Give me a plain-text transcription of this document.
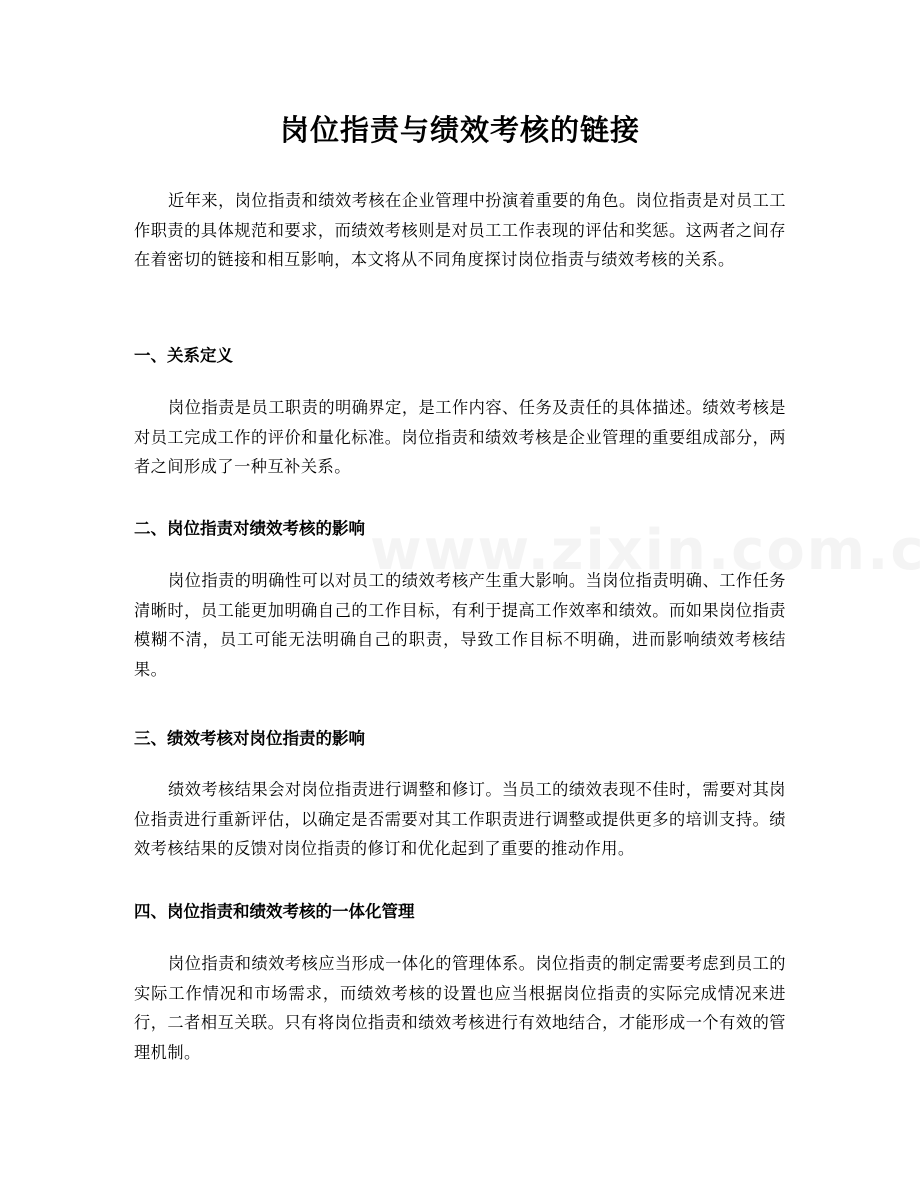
岗位指责与绩效考核的链接

近年来，岗位指责和绩效考核在企业管理中扮演着重要的角色。岗位指责是对员工工作职责的具体规范和要求，而绩效考核则是对员工工作表现的评估和奖惩。这两者之间存在着密切的链接和相互影响，本文将从不同角度探讨岗位指责与绩效考核的关系。

一、关系定义

岗位指责是员工职责的明确界定，是工作内容、任务及责任的具体描述。绩效考核是对员工完成工作的评价和量化标准。岗位指责和绩效考核是企业管理的重要组成部分，两者之间形成了一种互补关系。

二、岗位指责对绩效考核的影响

岗位指责的明确性可以对员工的绩效考核产生重大影响。当岗位指责明确、工作任务清晰时，员工能更加明确自己的工作目标，有利于提高工作效率和绩效。而如果岗位指责模糊不清，员工可能无法明确自己的职责，导致工作目标不明确，进而影响绩效考核结果。

三、绩效考核对岗位指责的影响

绩效考核结果会对岗位指责进行调整和修订。当员工的绩效表现不佳时，需要对其岗位指责进行重新评估，以确定是否需要对其工作职责进行调整或提供更多的培训支持。绩效考核结果的反馈对岗位指责的修订和优化起到了重要的推动作用。

四、岗位指责和绩效考核的一体化管理

岗位指责和绩效考核应当形成一体化的管理体系。岗位指责的制定需要考虑到员工的实际工作情况和市场需求，而绩效考核的设置也应当根据岗位指责的实际完成情况来进行，二者相互关联。只有将岗位指责和绩效考核进行有效地结合，才能形成一个有效的管理机制。
